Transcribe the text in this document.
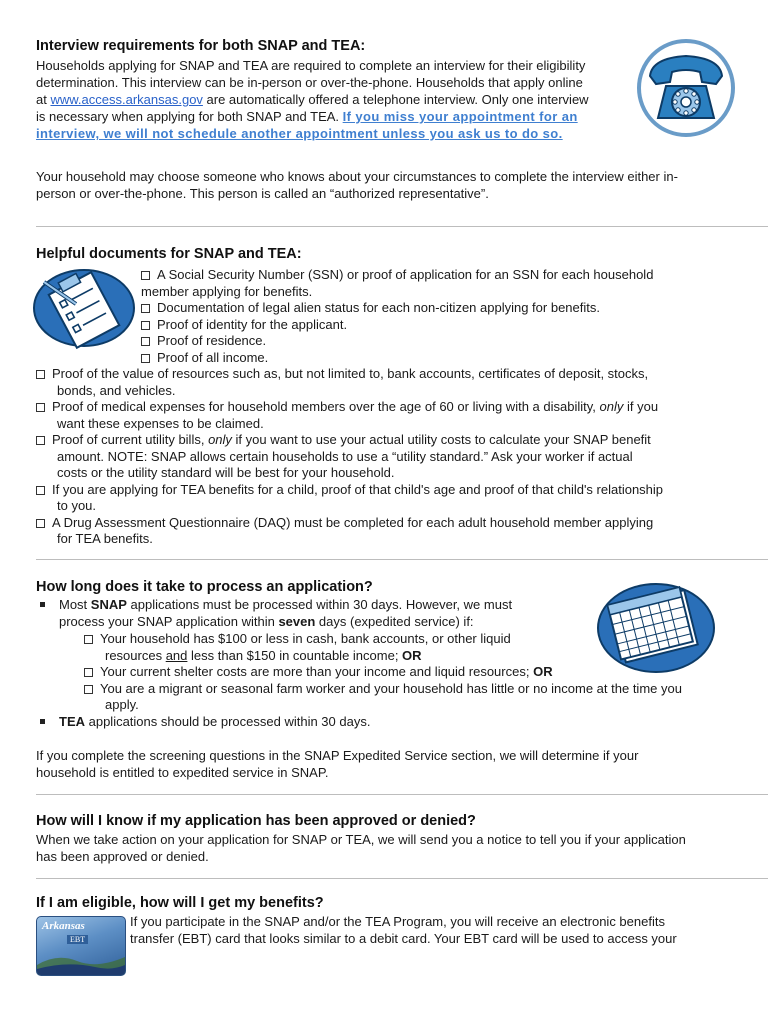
Interview requirements for both SNAP and TEA:

Households applying for SNAP and TEA are required to complete an interview for their eligibility

determination. This interview can be in-person or over-the-phone. Households that apply online

at www.access.arkansas.gov are automatically offered a telephone interview. Only one interview

is necessary when applying for both SNAP and TEA. If you miss your appointment for an

interview, we will not schedule another appointment unless you ask us to do so.

Your household may choose someone who knows about your circumstances to complete the interview either in-

person or over-the-phone. This person is called an “authorized representative”.

Helpful documents for SNAP and TEA:
A Social Security Number (SSN) or proof of application for an SSN for each household
member applying for benefits.
Documentation of legal alien status for each non-citizen applying for benefits.
Proof of identity for the applicant.
Proof of residence.
Proof of all income.
Proof of the value of resources such as, but not limited to, bank accounts, certificates of deposit, stocks,
bonds, and vehicles.
Proof of medical expenses for household members over the age of 60 or living with a disability, only if you
want these expenses to be claimed.
Proof of current utility bills, only if you want to use your actual utility costs to calculate your SNAP benefit
amount. NOTE: SNAP allows certain households to use a “utility standard.” Ask your worker if actual
costs or the utility standard will be best for your household.
If you are applying for TEA benefits for a child, proof of that child's age and proof of that child's relationship
to you.
A Drug Assessment Questionnaire (DAQ) must be completed for each adult household member applying
for TEA benefits.
How long does it take to process an application?
Most SNAP applications must be processed within 30 days. However, we must
process your SNAP application within seven days (expedited service) if:
Your household has $100 or less in cash, bank accounts, or other liquid
resources and less than $150 in countable income; OR
Your current shelter costs are more than your income and liquid resources; OR
You are a migrant or seasonal farm worker and your household has little or no income at the time you
apply.
TEA applications should be processed within 30 days.

If you complete the screening questions in the SNAP Expedited Service section, we will determine if your

household is entitled to expedited service in SNAP.

How will I know if my application has been approved or denied?

When we take action on your application for SNAP or TEA, we will send you a notice to tell you if your application

has been approved or denied.

If I am eligible, how will I get my benefits?
Arkansas
EBT

If you participate in the SNAP and/or the TEA Program, you will receive an electronic benefits

transfer (EBT) card that looks similar to a debit card. Your EBT card will be used to access your
